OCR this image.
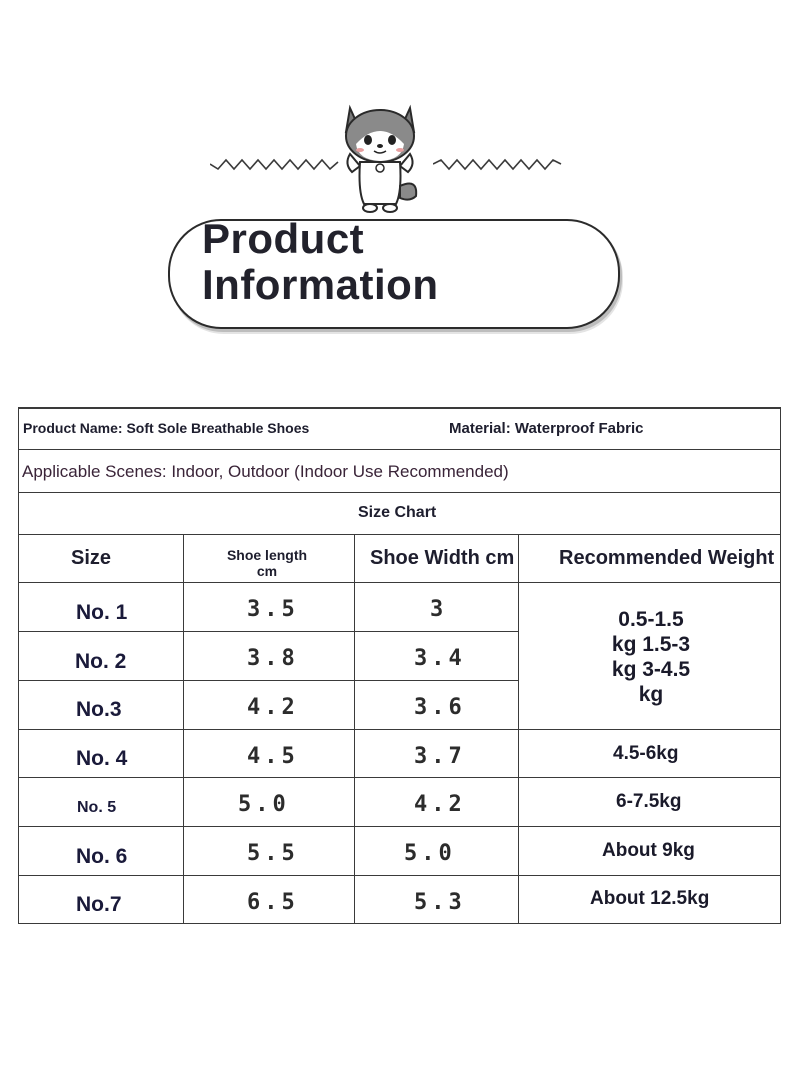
Product
Information
Product Name: Soft Sole Breathable Shoes	Material: Waterproof Fabric
Applicable Scenes: Indoor, Outdoor (Indoor Use Recommended)
Size Chart
Size	Shoe length
cm
Shoe Width cm Recommended Weight
No. 1
No. 2
No.3
No. 4
No. 5
No. 6
No.7
3.5
3.8
4.2
4.5
5.0
5.5
6.5
3
3.4
3.6
3.7
4.2
5.0
5.3
0.5-1.5
kg 1.5-3
kg 3-4.5
kg
4.5-6kg
6-7.5kg
About 9kg
About 12.5kg
